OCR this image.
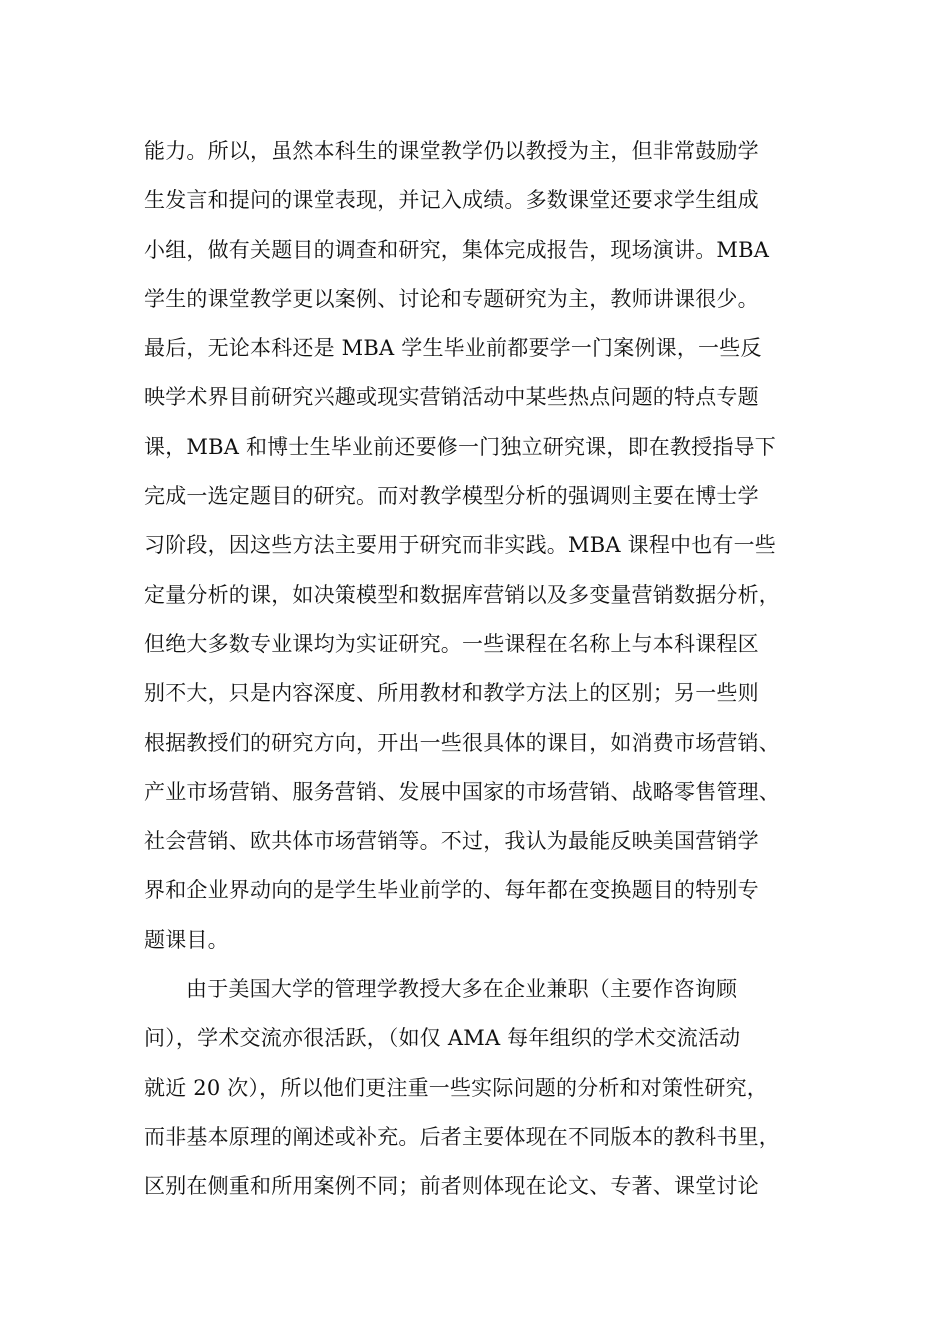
能力。所以，虽然本科生的课堂教学仍以教授为主，但非常鼓励学
生发言和提问的课堂表现，并记入成绩。多数课堂还要求学生组成
小组，做有关题目的调查和研究，集体完成报告，现场演讲。MBA
学生的课堂教学更以案例、讨论和专题研究为主，教师讲课很少。
最后，无论本科还是 MBA 学生毕业前都要学一门案例课，一些反
映学术界目前研究兴趣或现实营销活动中某些热点问题的特点专题
课，MBA 和博士生毕业前还要修一门独立研究课，即在教授指导下
完成一选定题目的研究。而对教学模型分析的强调则主要在博士学
习阶段，因这些方法主要用于研究而非实践。MBA 课程中也有一些
定量分析的课，如决策模型和数据库营销以及多变量营销数据分析，
但绝大多数专业课均为实证研究。一些课程在名称上与本科课程区
别不大，只是内容深度、所用教材和教学方法上的区别；另一些则
根据教授们的研究方向，开出一些很具体的课目，如消费市场营销、
产业市场营销、服务营销、发展中国家的市场营销、战略零售管理、
社会营销、欧共体市场营销等。不过，我认为最能反映美国营销学
界和企业界动向的是学生毕业前学的、每年都在变换题目的特别专
题课目。
由于美国大学的管理学教授大多在企业兼职（主要作咨询顾
问），学术交流亦很活跃，（如仅 AMA 每年组织的学术交流活动
就近 20 次），所以他们更注重一些实际问题的分析和对策性研究，
而非基本原理的阐述或补充。后者主要体现在不同版本的教科书里，
区别在侧重和所用案例不同；前者则体现在论文、专著、课堂讨论
